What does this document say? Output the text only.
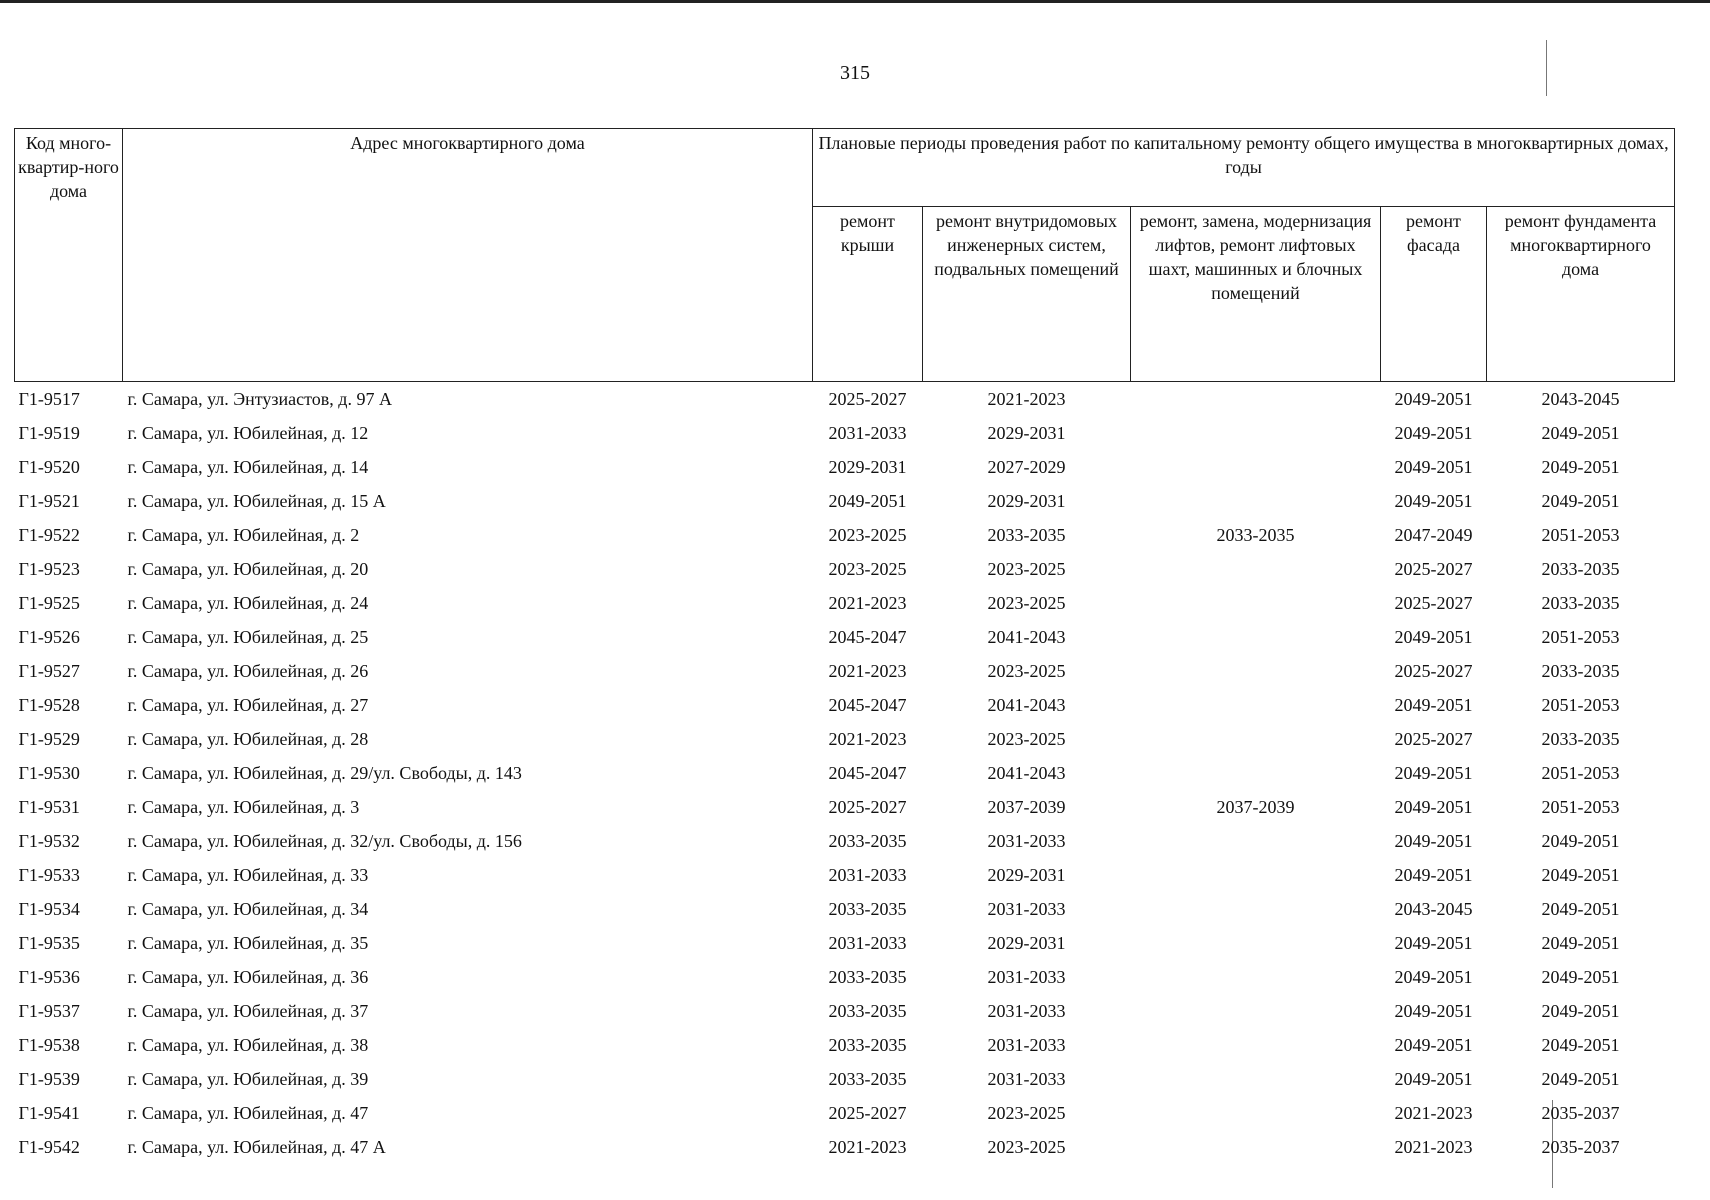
315
Код много-квартир-ного дома	Адрес многоквартирного дома	Плановые периоды проведения работ по капитальному ремонту общего имущества в многоквартирных домах, годы				
		ремонт крыши	ремонт внутридомовых инженерных систем, подвальных помещений	ремонт, замена, модернизация лифтов, ремонт лифтовых шахт, машинных и блочных помещений	ремонт фасада	ремонт фундамента многоквартирного дома
Г1-9517	г. Самара, ул. Энтузиастов, д. 97 А	2025-2027	2021-2023		2049-2051	2043-2045
Г1-9519	г. Самара, ул. Юбилейная, д. 12	2031-2033	2029-2031		2049-2051	2049-2051
Г1-9520	г. Самара, ул. Юбилейная, д. 14	2029-2031	2027-2029		2049-2051	2049-2051
Г1-9521	г. Самара, ул. Юбилейная, д. 15 А	2049-2051	2029-2031		2049-2051	2049-2051
Г1-9522	г. Самара, ул. Юбилейная, д. 2	2023-2025	2033-2035	2033-2035	2047-2049	2051-2053
Г1-9523	г. Самара, ул. Юбилейная, д. 20	2023-2025	2023-2025		2025-2027	2033-2035
Г1-9525	г. Самара, ул. Юбилейная, д. 24	2021-2023	2023-2025		2025-2027	2033-2035
Г1-9526	г. Самара, ул. Юбилейная, д. 25	2045-2047	2041-2043		2049-2051	2051-2053
Г1-9527	г. Самара, ул. Юбилейная, д. 26	2021-2023	2023-2025		2025-2027	2033-2035
Г1-9528	г. Самара, ул. Юбилейная, д. 27	2045-2047	2041-2043		2049-2051	2051-2053
Г1-9529	г. Самара, ул. Юбилейная, д. 28	2021-2023	2023-2025		2025-2027	2033-2035
Г1-9530	г. Самара, ул. Юбилейная, д. 29/ул. Свободы, д. 143	2045-2047	2041-2043		2049-2051	2051-2053
Г1-9531	г. Самара, ул. Юбилейная, д. 3	2025-2027	2037-2039	2037-2039	2049-2051	2051-2053
Г1-9532	г. Самара, ул. Юбилейная, д. 32/ул. Свободы, д. 156	2033-2035	2031-2033		2049-2051	2049-2051
Г1-9533	г. Самара, ул. Юбилейная, д. 33	2031-2033	2029-2031		2049-2051	2049-2051
Г1-9534	г. Самара, ул. Юбилейная, д. 34	2033-2035	2031-2033		2043-2045	2049-2051
Г1-9535	г. Самара, ул. Юбилейная, д. 35	2031-2033	2029-2031		2049-2051	2049-2051
Г1-9536	г. Самара, ул. Юбилейная, д. 36	2033-2035	2031-2033		2049-2051	2049-2051
Г1-9537	г. Самара, ул. Юбилейная, д. 37	2033-2035	2031-2033		2049-2051	2049-2051
Г1-9538	г. Самара, ул. Юбилейная, д. 38	2033-2035	2031-2033		2049-2051	2049-2051
Г1-9539	г. Самара, ул. Юбилейная, д. 39	2033-2035	2031-2033		2049-2051	2049-2051
Г1-9541	г. Самара, ул. Юбилейная, д. 47	2025-2027	2023-2025		2021-2023	2035-2037
Г1-9542	г. Самара, ул. Юбилейная, д. 47 А	2021-2023	2023-2025		2021-2023	2035-2037
